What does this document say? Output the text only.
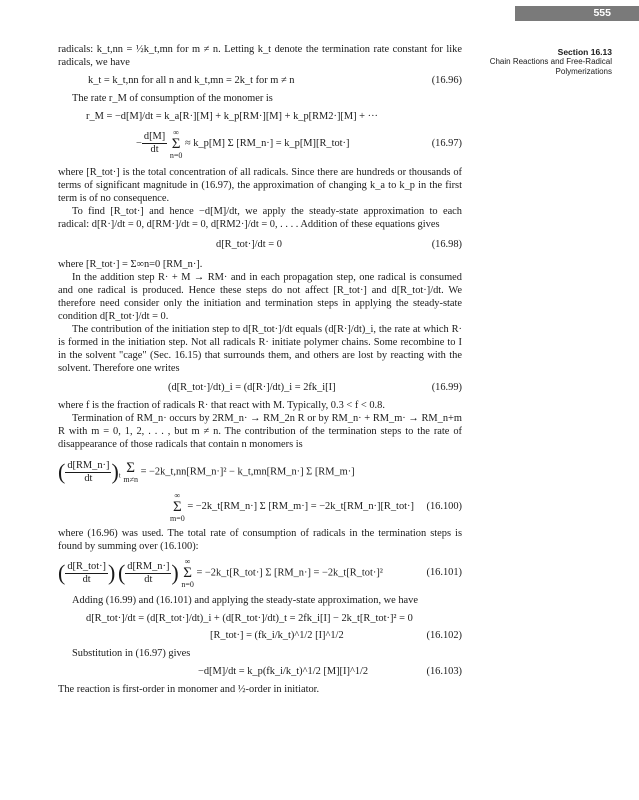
555
Section 16.13
Chain Reactions and Free-Radical
Polymerizations

radicals: k_t,nn = ½k_t,mn for m ≠ n. Letting k_t denote the termination rate constant for like radicals, we have

k_t = k_t,nn for all n and k_t,mn = 2k_t for m ≠ n	(16.96)

The rate r_M of consumption of the monomer is

r_M = −d[M]/dt = k_a[R·][M] + k_p[RM·][M] + k_p[RM2·][M] + ···
− $\frac{d[M]}{dt}$ ∞
Σ
n=0 ≈ k_p[M] Σ [RM_n·] = k_p[M][R_tot·]	(16.97)

where [R_tot·] is the total concentration of all radicals. Since there are hundreds or thousands of terms of significant magnitude in (16.97), the approximation of changing k_a to k_p in the first term is of no consequence.

To find [R_tot·] and hence −d[M]/dt, we apply the steady-state approximation to each radical: d[R·]/dt = 0, d[RM·]/dt = 0, d[RM2·]/dt = 0, . . . . Addition of these equations gives

d[R_tot·]/dt = 0	(16.98)

where [R_tot·] = Σ∞n=0 [RM_n·].

In the addition step R· + M → RM· and in each propagation step, one radical is consumed and one radical is produced. Hence these steps do not affect [R_tot·] and d[R_tot·]/dt. We therefore need consider only the initiation and termination steps in applying the steady-state condition d[R_tot·]/dt = 0.

The contribution of the initiation step to d[R_tot·]/dt equals (d[R·]/dt)_i, the rate at which R· is formed in the initiation step. Not all radicals R· initiate polymer chains. Some recombine to I in the solvent "cage" (Sec. 16.15) that surrounds them, and others are lost by reacting with the solvent. Therefore one writes

(d[R_tot·]/dt)_i = (d[R·]/dt)_i = 2fk_i[I]	(16.99)

where f is the fraction of radicals R· that react with M. Typically, 0.3 < f < 0.8.

Termination of RM_n· occurs by 2RM_n· → RM_2n R or by RM_n· + RM_m· → RM_n+m R with m = 0, 1, 2, . . . , but m ≠ n. The contribution of the termination steps to the rate of disappearance of those radicals that contain n monomers is

( $\frac{d[RM\_n\cdot]}{dt} )_t$ Σ
m≠n = −2k_t,nn[RM_n·]² − k_t,mn[RM_n·] Σ [RM_m·]
∞
Σ
m=0 = −2k_t[RM_n·] Σ [RM_m·] = −2k_t[RM_n·][R_tot·] (16.100)

where (16.96) was used. The total rate of consumption of radicals in the termination steps is found by summing over (16.100):

( $\frac{\text{d[R\_tot·]}}{dt}$ ) ( $\frac{d[RM\_n\cdot]}{dt}$ ) ∞
Σ
n=0 = −2k_t[R_tot·] Σ [RM_n·] = −2k_t[R_tot·]²	(16.101)

Adding (16.99) and (16.101) and applying the steady-state approximation, we have

d[R_tot·]/dt = (d[R_tot·]/dt)_i + (d[R_tot·]/dt)_t = 2fk_i[I] − 2k_t[R_tot·]² = 0
[R_tot·] = (fk_i/k_t)^1/2 [I]^1/2	(16.102)

Substitution in (16.97) gives

−d[M]/dt = k_p(fk_i/k_t)^1/2 [M][I]^1/2	(16.103)

The reaction is first-order in monomer and ½-order in initiator.
